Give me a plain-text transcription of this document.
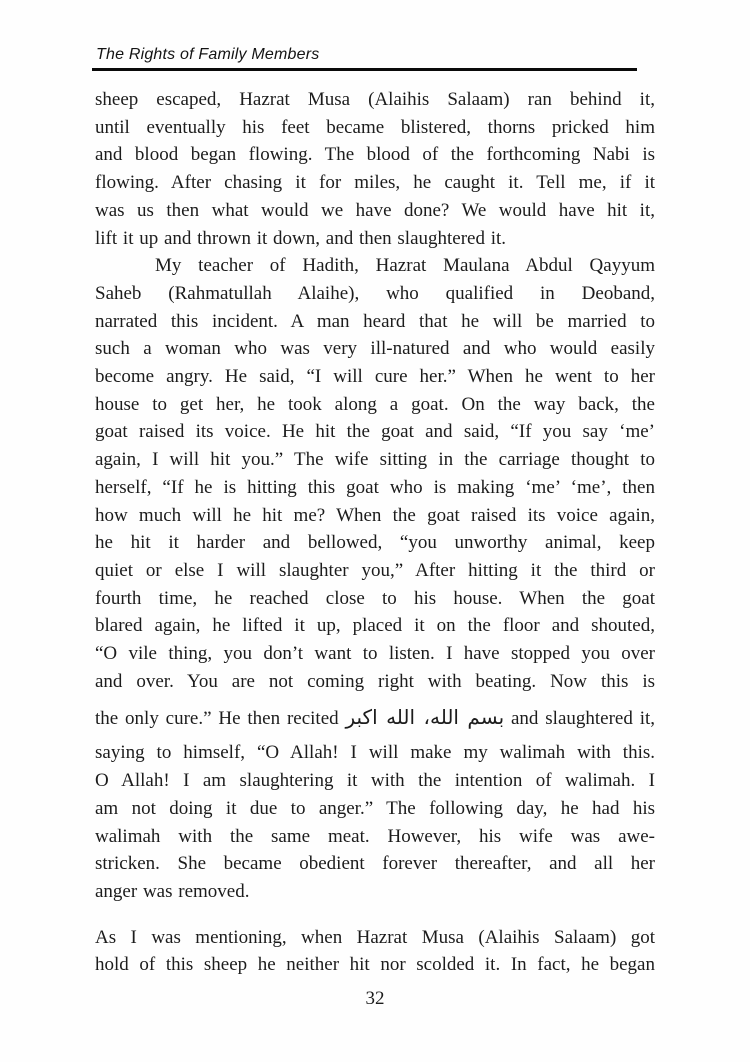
The Rights of Family Members
sheep escaped, Hazrat Musa (Alaihis Salaam) ran behind it,
until eventually his feet became blistered, thorns pricked him
and blood began flowing. The blood of the forthcoming Nabi is
flowing. After chasing it for miles, he caught it. Tell me, if it
was us then what would we have done? We would have hit it,
lift it up and thrown it down, and then slaughtered it.
My teacher of Hadith, Hazrat Maulana Abdul Qayyum
Saheb (Rahmatullah Alaihe), who qualified in Deoband,
narrated this incident. A man heard that he will be married to
such a woman who was very ill-natured and who would easily
become angry. He said, “I will cure her.” When he went to her
house to get her, he took along a goat. On the way back, the
goat raised its voice. He hit the goat and said, “If you say ‘me’
again, I will hit you.” The wife sitting in the carriage thought to
herself, “If he is hitting this goat who is making ‘me’ ‘me’, then
how much will he hit me? When the goat raised its voice again,
he hit it harder and bellowed, “you unworthy animal, keep
quiet or else I will slaughter you,” After hitting it the third or
fourth time, he reached close to his house. When the goat
blared again, he lifted it up, placed it on the floor and shouted,
“O vile thing, you don’t want to listen. I have stopped you over
and over. You are not coming right with beating. Now this is
the only cure.” He then recited بسم الله، الله اكبر and slaughtered it,
saying to himself, “O Allah! I will make my walimah with this.
O Allah! I am slaughtering it with the intention of walimah. I
am not doing it due to anger.” The following day, he had his
walimah with the same meat. However, his wife was awe-
stricken. She became obedient forever thereafter, and all her
anger was removed.
As I was mentioning, when Hazrat Musa (Alaihis Salaam) got
hold of this sheep he neither hit nor scolded it. In fact, he began
32
